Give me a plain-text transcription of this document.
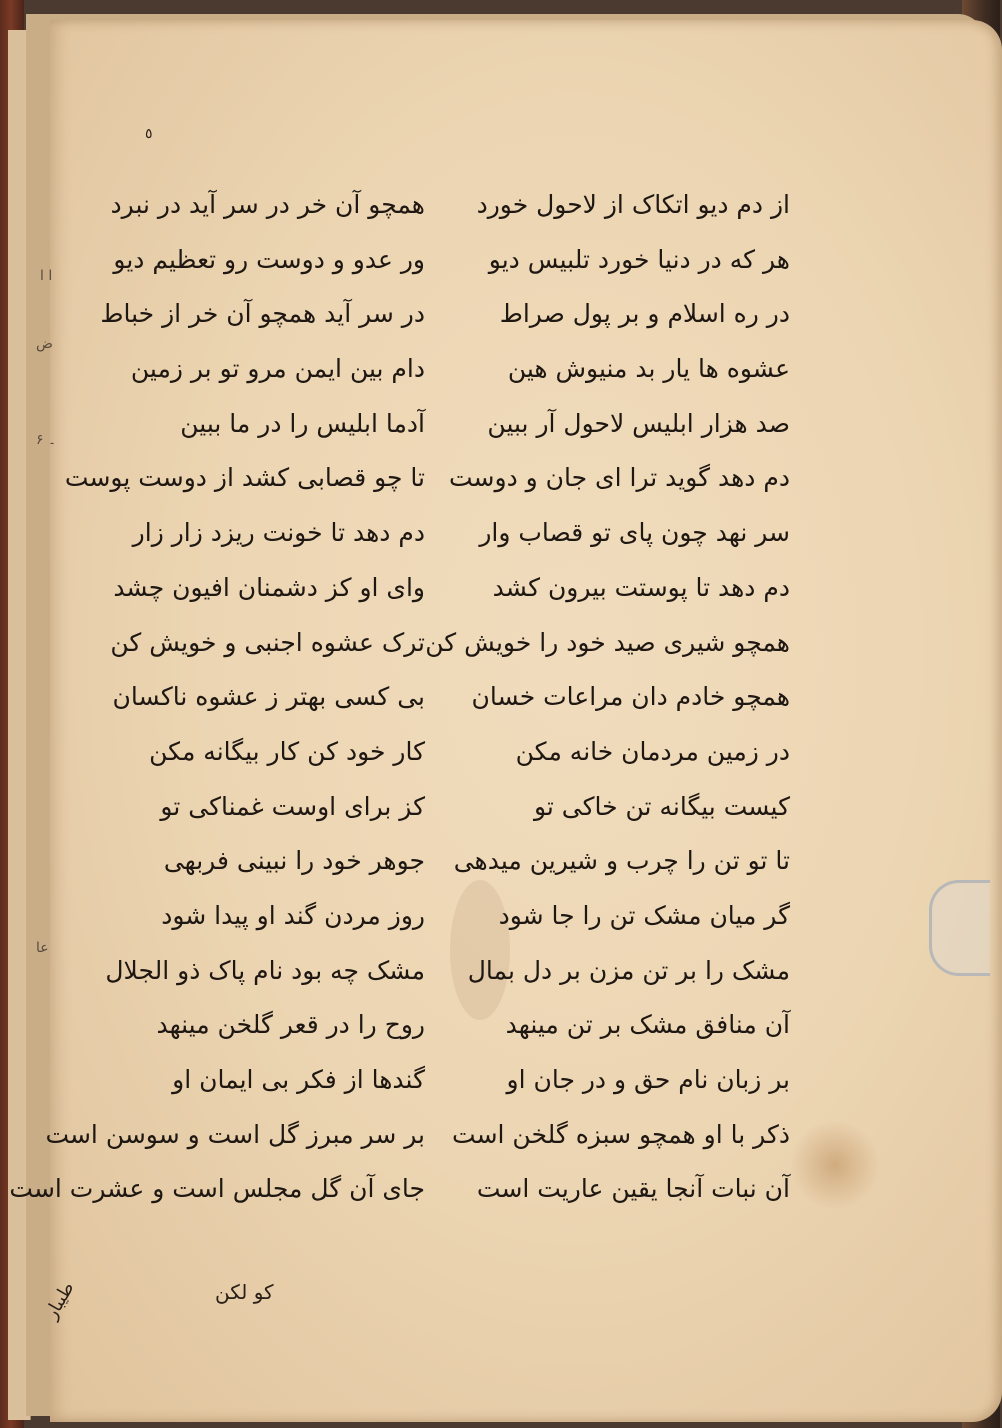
٥
از دم دیو اتکاک از لاحول خورد
هر که در دنیا خورد تلبیس دیو
در ره اسلام و بر پول صراط
عشوه ها یار بد منیوش هین
صد هزار ابلیس لاحول آر ببین
دم دهد گوید ترا ای جان و دوست
سر نهد چون پای تو قصاب وار
دم دهد تا پوستت بیرون کشد
همچو شیری صید خود را خویش کن
همچو خادم دان مراعات خسان
در زمین مردمان خانه مکن
کیست بیگانه تن خاکی تو
تا تو تن را چرب و شیرین میدهی
گر میان مشک تن را جا شود
مشک را بر تن مزن بر دل بمال
آن منافق مشک بر تن مینهد
بر زبان نام حق و در جان او
ذکر با او همچو سبزه گلخن است
آن نبات آنجا یقین عاریت است
همچو آن خر در سر آید در نبرد
ور عدو و دوست رو تعظیم دیو
در سر آید همچو آن خر از خباط
دام بین ایمن مرو تو بر زمین
آدما ابلیس را در ما ببین
تا چو قصابی کشد از دوست پوست
دم دهد تا خونت ریزد زار زار
وای او کز دشمنان افیون چشد
ترک عشوه اجنبی و خویش کن
بی کسی بهتر ز عشوه ناکسان
کار خود کن کار بیگانه مکن
کز برای اوست غمناکی تو
جوهر خود را نبینی فربهی
روز مردن گند او پیدا شود
مشک چه بود نام پاک ذو الجلال
روح را در قعر گلخن مینهد
گندها از فکر بی ایمان او
بر سر مبرز گل است و سوسن است
جای آن گل مجلس است و عشرت است
ا ا
ض
۔ ۶
عا
کو لکن
طیبار
